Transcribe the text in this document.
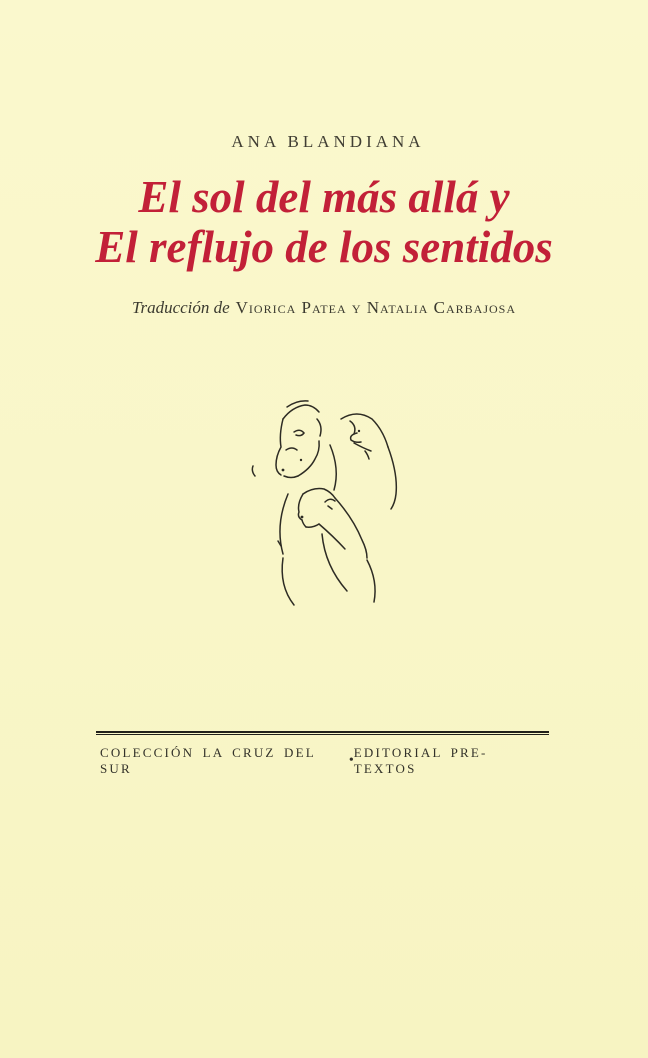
ANA BLANDIANA
El sol del más allá y
El reflujo de los sentidos
Traducción de Viorica Patea y Natalia Carbajosa
COLECCIÓN LA CRUZ DEL SUR
•
EDITORIAL PRE-TEXTOS
